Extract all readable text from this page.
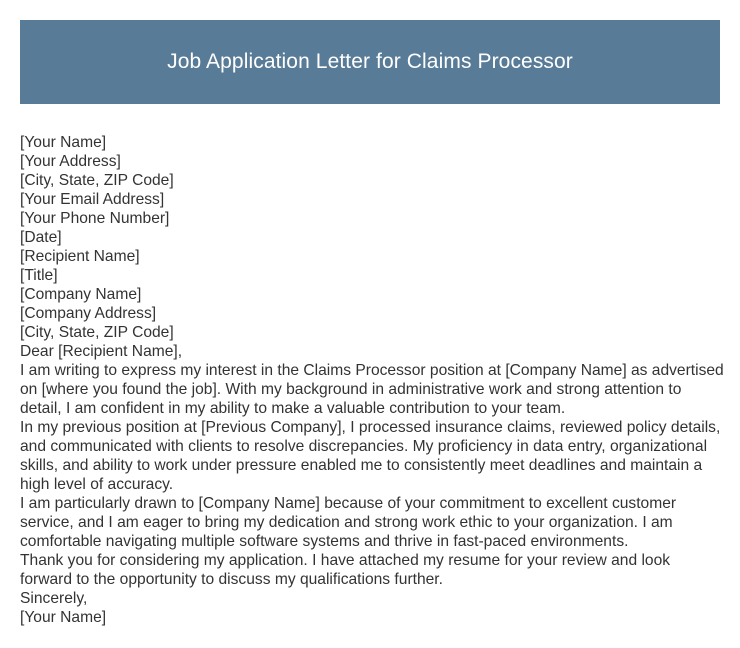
Job Application Letter for Claims Processor
[Your Name]
[Your Address]
[City, State, ZIP Code]
[Your Email Address]
[Your Phone Number]
[Date]
[Recipient Name]
[Title]
[Company Name]
[Company Address]
[City, State, ZIP Code]
Dear [Recipient Name],
I am writing to express my interest in the Claims Processor position at [Company Name] as advertised on [where you found the job]. With my background in administrative work and strong attention to detail, I am confident in my ability to make a valuable contribution to your team.
In my previous position at [Previous Company], I processed insurance claims, reviewed policy details, and communicated with clients to resolve discrepancies. My proficiency in data entry, organizational skills, and ability to work under pressure enabled me to consistently meet deadlines and maintain a high level of accuracy.
I am particularly drawn to [Company Name] because of your commitment to excellent customer service, and I am eager to bring my dedication and strong work ethic to your organization. I am comfortable navigating multiple software systems and thrive in fast-paced environments.
Thank you for considering my application. I have attached my resume for your review and look forward to the opportunity to discuss my qualifications further.
Sincerely,
[Your Name]
